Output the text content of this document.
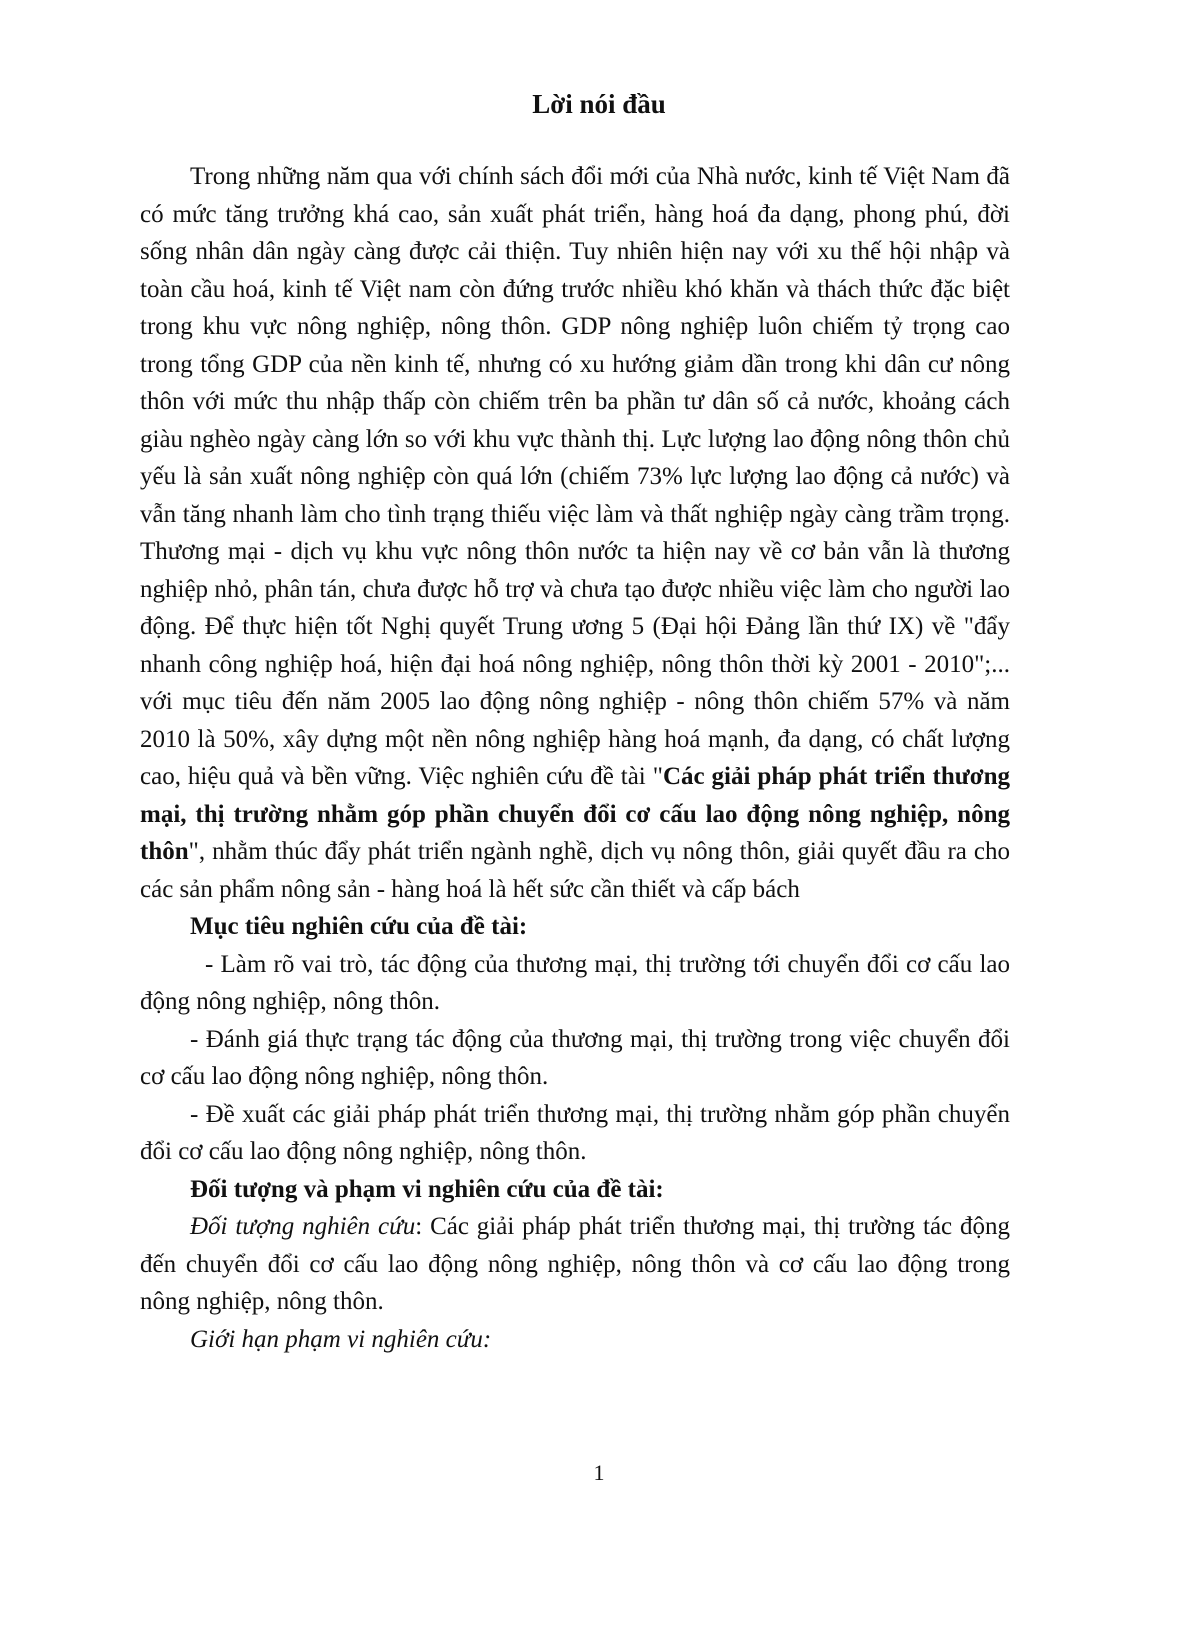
Lời nói đầu

Trong những năm qua với chính sách đổi mới của Nhà nước, kinh tế Việt Nam đã có mức tăng trưởng khá cao, sản xuất phát triển, hàng hoá đa dạng, phong phú, đời sống nhân dân ngày càng được cải thiện. Tuy nhiên hiện nay với xu thế hội nhập và toàn cầu hoá, kinh tế Việt nam còn đứng trước nhiều khó khăn và thách thức đặc biệt trong khu vực nông nghiệp, nông thôn. GDP nông nghiệp luôn chiếm tỷ trọng cao trong tổng GDP của nền kinh tế, nhưng có xu hướng giảm dần trong khi dân cư nông thôn với mức thu nhập thấp còn chiếm trên ba phần tư dân số cả nước, khoảng cách giàu nghèo ngày càng lớn so với khu vực thành thị. Lực lượng lao động nông thôn chủ yếu là sản xuất nông nghiệp còn quá lớn (chiếm 73% lực lượng lao động cả nước) và vẫn tăng nhanh làm cho tình trạng thiếu việc làm và thất nghiệp ngày càng trầm trọng. Thương mại - dịch vụ khu vực nông thôn nước ta hiện nay về cơ bản vẫn là thương nghiệp nhỏ, phân tán, chưa được hỗ trợ và chưa tạo được nhiều việc làm cho người lao động. Để thực hiện tốt Nghị quyết Trung ương 5 (Đại hội Đảng lần thứ IX) về "đẩy nhanh công nghiệp hoá, hiện đại hoá nông nghiệp, nông thôn thời kỳ 2001 - 2010";... với mục tiêu đến năm 2005 lao động nông nghiệp - nông thôn chiếm 57% và năm 2010 là 50%, xây dựng một nền nông nghiệp hàng hoá mạnh, đa dạng, có chất lượng cao, hiệu quả và bền vững. Việc nghiên cứu đề tài "Các giải pháp phát triển thương mại, thị trường nhằm góp phần chuyển đổi cơ cấu lao động nông nghiệp, nông thôn", nhằm thúc đẩy phát triển ngành nghề, dịch vụ nông thôn, giải quyết đầu ra cho các sản phẩm nông sản - hàng hoá là hết sức cần thiết và cấp bách

Mục tiêu nghiên cứu của đề tài:

- Làm rõ vai trò, tác động của thương mại, thị trường tới chuyển đổi cơ cấu lao động nông nghiệp, nông thôn.

- Đánh giá thực trạng tác động của thương mại, thị trường trong việc chuyển đổi cơ cấu lao động nông nghiệp, nông thôn.

- Đề xuất các giải pháp phát triển thương mại, thị trường nhằm góp phần chuyển đổi cơ cấu lao động nông nghiệp, nông thôn.

Đối tượng và phạm vi nghiên cứu của đề tài:

Đối tượng nghiên cứu: Các giải pháp phát triển thương mại, thị trường tác động đến chuyển đổi cơ cấu lao động nông nghiệp, nông thôn và cơ cấu lao động trong nông nghiệp, nông thôn.

Giới hạn phạm vi nghiên cứu:

1
